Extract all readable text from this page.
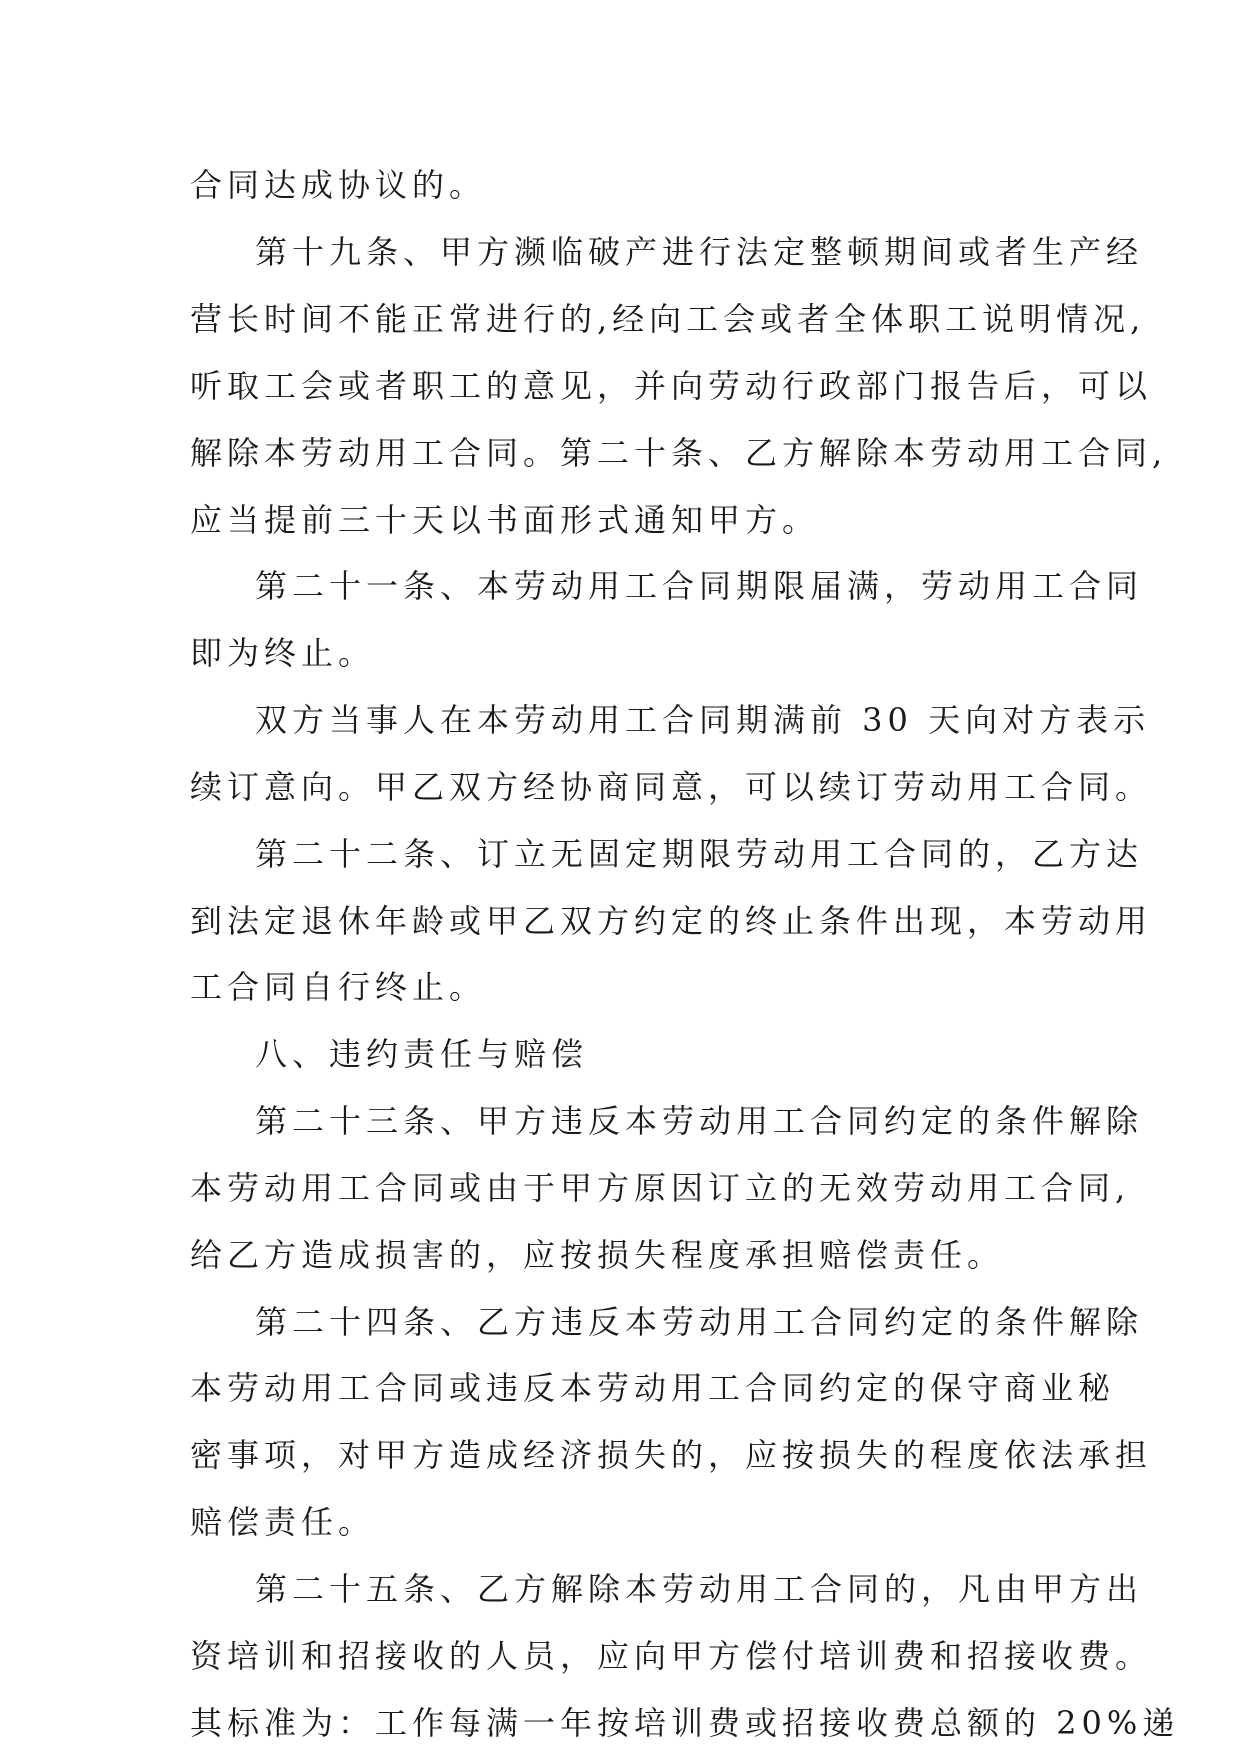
合同达成协议的。
第十九条、甲方濒临破产进行法定整顿期间或者生产经
营长时间不能正常进行的,经向工会或者全体职工说明情况,
听取工会或者职工的意见，并向劳动行政部门报告后，可以
解除本劳动用工合同。第二十条、乙方解除本劳动用工合同,
应当提前三十天以书面形式通知甲方。
第二十一条、本劳动用工合同期限届满，劳动用工合同
即为终止。
双方当事人在本劳动用工合同期满前 30 天向对方表示
续订意向。甲乙双方经协商同意，可以续订劳动用工合同。
第二十二条、订立无固定期限劳动用工合同的，乙方达
到法定退休年龄或甲乙双方约定的终止条件出现，本劳动用
工合同自行终止。
八、违约责任与赔偿
第二十三条、甲方违反本劳动用工合同约定的条件解除
本劳动用工合同或由于甲方原因订立的无效劳动用工合同,
给乙方造成损害的，应按损失程度承担赔偿责任。
第二十四条、乙方违反本劳动用工合同约定的条件解除
本劳动用工合同或违反本劳动用工合同约定的保守商业秘
密事项，对甲方造成经济损失的，应按损失的程度依法承担
赔偿责任。
第二十五条、乙方解除本劳动用工合同的，凡由甲方出
资培训和招接收的人员，应向甲方偿付培训费和招接收费。
其标准为：工作每满一年按培训费或招接收费总额的 20%递
